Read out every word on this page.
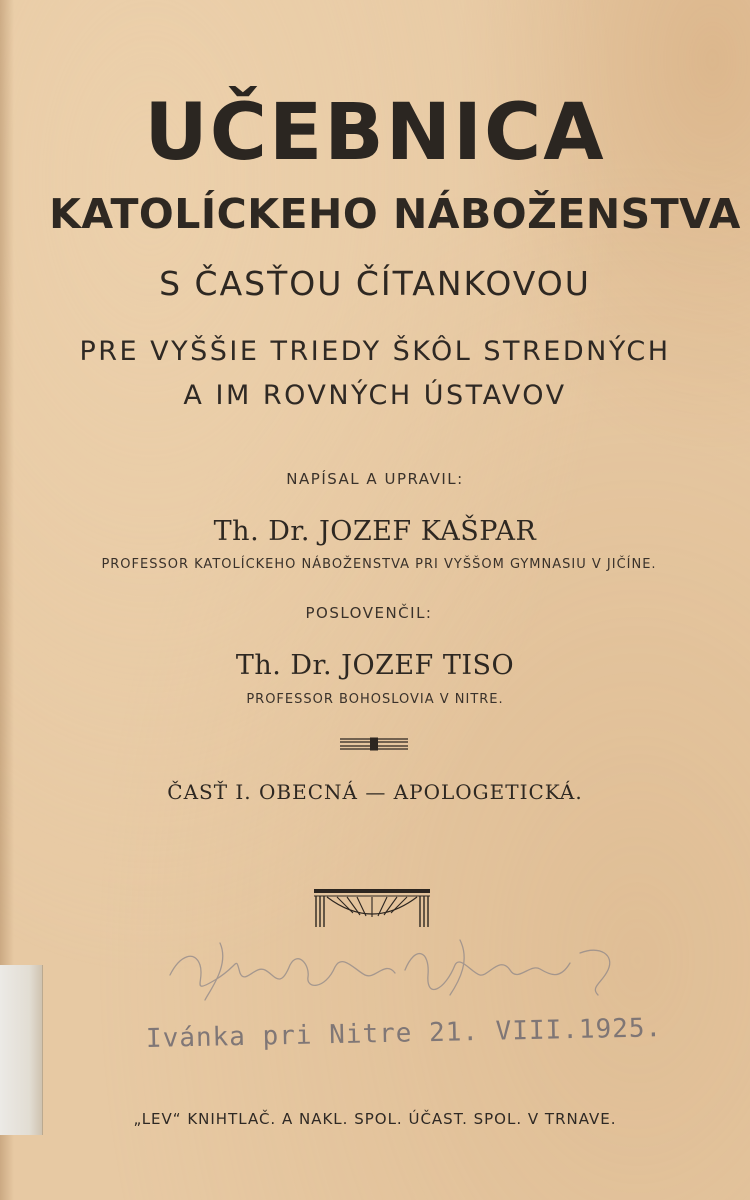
UČEBNICA
KATOLÍCKEHO NÁBOŽENSTVA
S ČASŤOU ČÍTANKOVOU
PRE VYŠŠIE TRIEDY ŠKÔL STREDNÝCH
A IM ROVNÝCH ÚSTAVOV
NAPÍSAL A UPRAVIL:
Th. Dr. JOZEF KAŠPAR
PROFESSOR KATOLÍCKEHO NÁBOŽENSTVA PRI VYŠŠOM GYMNASIU V JIČÍNE.
POSLOVENČIL:
Th. Dr. JOZEF TISO
PROFESSOR BOHOSLOVIA V NITRE.
ČASŤ I. OBECNÁ — APOLOGETICKÁ.
Ivánka pri Nitre 21. VIII.1925.
„LEV“ KNIHTLAČ. A NAKL. SPOL. ÚČAST. SPOL. V TRNAVE.
